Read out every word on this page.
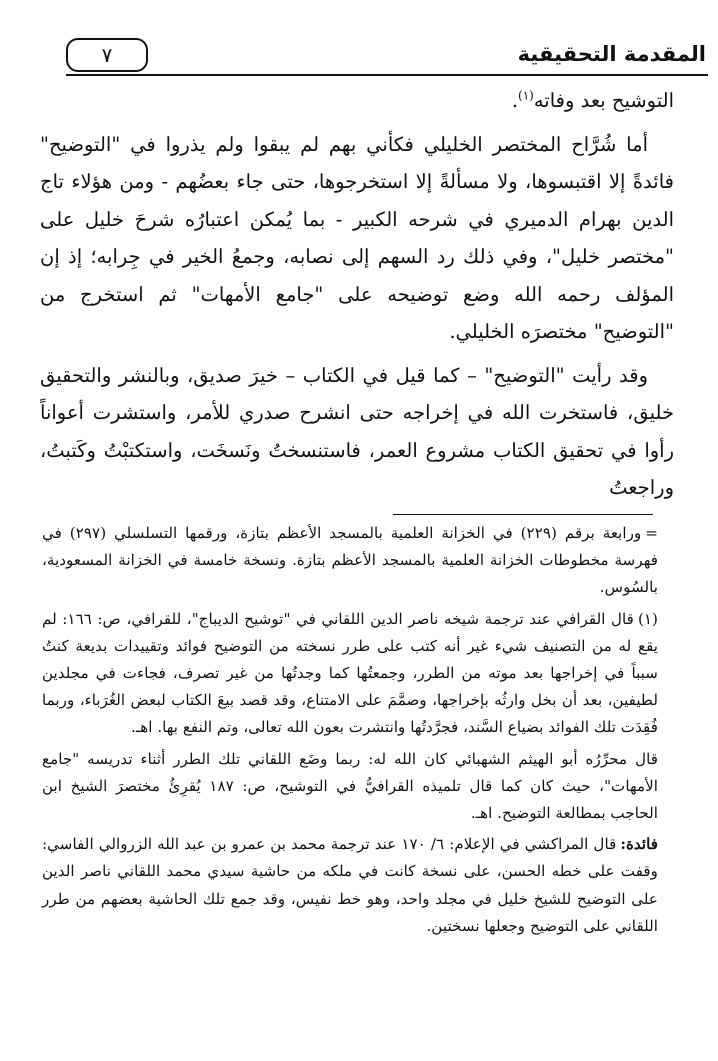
المقدمة التحقيقية
٧

التوشيح بعد وفاته$^{(١)}$.

أما شُرَّاح المختصر الخليلي فكأني بهم لم يبقوا ولم يذروا في "التوضيح" فائدةً إلا اقتبسوها، ولا مسألةً إلا استخرجوها، حتى جاء بعضُهم - ومن هؤلاء تاج الدين بهرام الدميري في شرحه الكبير - بما يُمكن اعتبارُه شرحَ خليل على "مختصر خليل"، وفي ذلك رد السهم إلى نصابه، وجمعُ الخير في جِرابه؛ إذ إن المؤلف رحمه الله وضع توضيحه على "جامع الأمهات" ثم استخرج من "التوضيح" مختصرَه الخليلي.

وقد رأيت "التوضيح" – كما قيل في الكتاب – خيرَ صديق، وبالنشر والتحقيق خليق، فاستخرت الله في إخراجه حتى انشرح صدري للأمر، واستشرت أعواناً رأوا في تحقيق الكتاب مشروع العمر، فاستنسختُ ونَسخَت، واستكتبْتُ وكَتبتُ، وراجعتُ

=ورابعة برقم (٢٢٩) في الخزانة العلمية بالمسجد الأعظم بتازة، ورقمها التسلسلي (٢٩٧) في فهرسة مخطوطات الخزانة العلمية بالمسجد الأعظم بتازة. ونسخة خامسة في الخزانة المسعودية، بالسُوس.

(١)قال القرافي عند ترجمة شيخه ناصر الدين اللقاني في "توشيح الديباج"، للقرافي، ص: ١٦٦: لم يقع له من التصنيف شيء غير أنه كتب على طرر نسخته من التوضيح فوائد وتقييدات بديعة كنتُ سبباً في إخراجها بعد موته من الطرر، وجمعتُها كما وجدتُها من غير تصرف، فجاءت في مجلدين لطيفين، بعد أن بخل وارثُه بإخراجها، وصمَّمَ على الامتناع، وقد قصد بيعَ الكتاب لبعض الغُرَباء، وربما فُقِدَت تلك الفوائد بضياع السَّند، فجرَّدتُها وانتشرت بعون الله تعالى، وتم النفع بها. اهـ.

قال محرِّرُه أبو الهيثم الشهبائي كان الله له: ربما وضَع اللقاني تلك الطرر أثناء تدريسه "جامع الأمهات"، حيث كان كما قال تلميذه القرافيُّ في التوشيح، ص: ١٨٧ يُقرِئُ مختصرَ الشيخ ابن الحاجب بمطالعة التوضيح. اهـ.

فائدة:قال المراكشي في الإعلام: ٦/ ١٧٠ عند ترجمة محمد بن عمرو بن عبد الله الزروالي الفاسي: وقفت على خطه الحسن، على نسخة كانت في ملكه من حاشية سيدي محمد اللقاني ناصر الدين على التوضيح للشيخ خليل في مجلد واحد، وهو خط نفيس، وقد جمع تلك الحاشية بعضهم من طرر اللقاني على التوضيح وجعلها نسختين.
